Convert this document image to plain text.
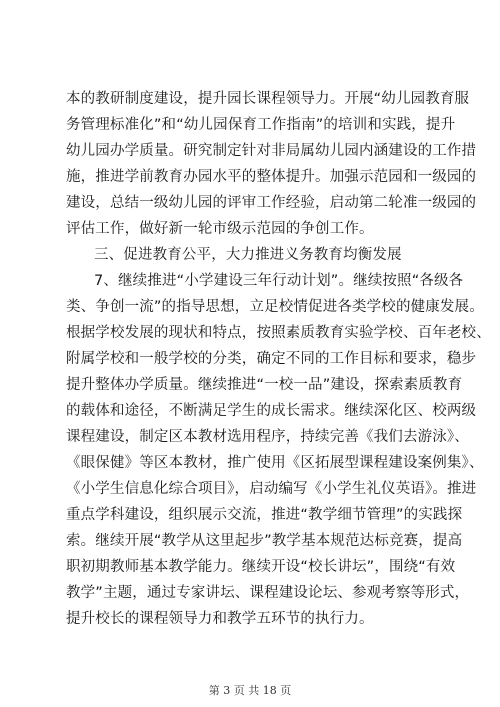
本的教研制度建设，提升园长课程领导力。开展“幼儿园教育服
务管理标准化”和“幼儿园保育工作指南”的培训和实践，提升
幼儿园办学质量。研究制定针对非局属幼儿园内涵建设的工作措
施，推进学前教育办园水平的整体提升。加强示范园和一级园的
建设，总结一级幼儿园的评审工作经验，启动第二轮准一级园的
评估工作，做好新一轮市级示范园的争创工作。
三、促进教育公平，大力推进义务教育均衡发展
7、继续推进“小学建设三年行动计划”。继续按照“各级各
类、争创一流”的指导思想，立足校情促进各类学校的健康发展。
根据学校发展的现状和特点，按照素质教育实验学校、百年老校、
附属学校和一般学校的分类，确定不同的工作目标和要求，稳步
提升整体办学质量。继续推进“一校一品”建设，探索素质教育
的载体和途径，不断满足学生的成长需求。继续深化区、校两级
课程建设，制定区本教材选用程序，持续完善《我们去游泳》、
《眼保健》等区本教材，推广使用《区拓展型课程建设案例集》、
《小学生信息化综合项目》，启动编写《小学生礼仪英语》。推进
重点学科建设，组织展示交流，推进“教学细节管理”的实践探
索。继续开展“教学从这里起步”教学基本规范达标竞赛，提高
职初期教师基本教学能力。继续开设“校长讲坛”，围绕“有效
教学”主题，通过专家讲坛、课程建设论坛、参观考察等形式，
提升校长的课程领导力和教学五环节的执行力。
第 3 页 共 18 页
